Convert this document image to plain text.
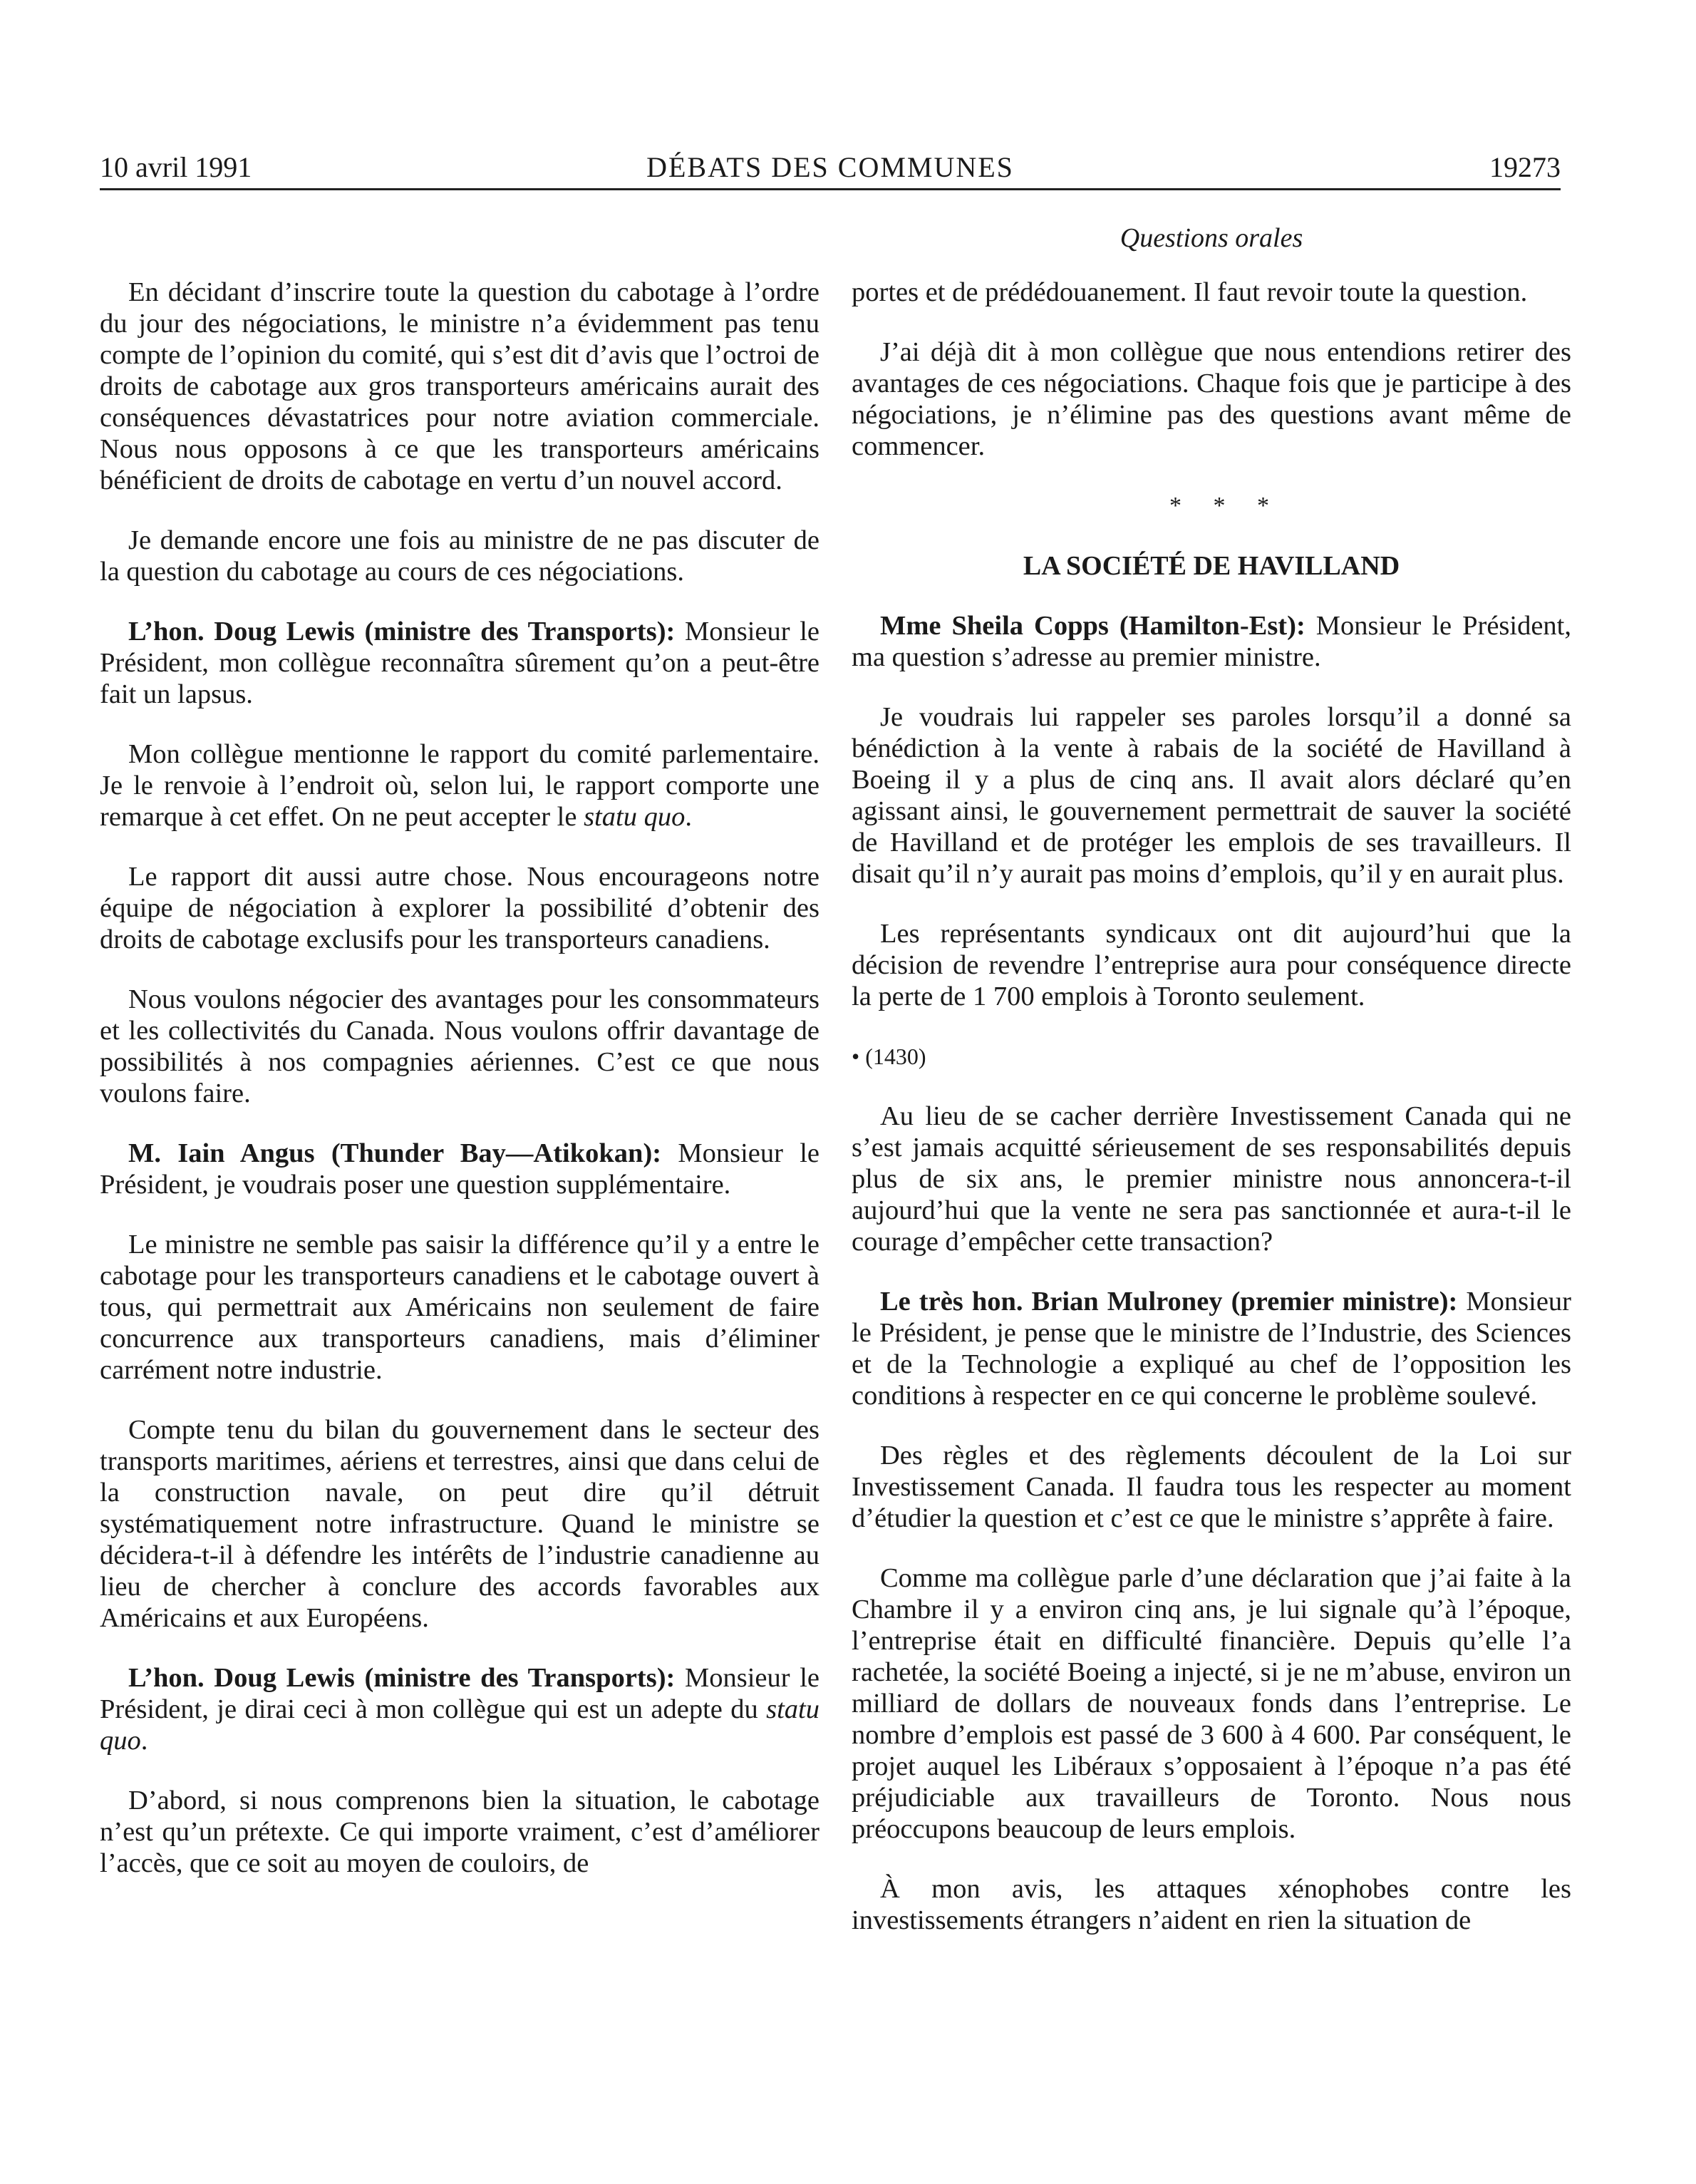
10 avril 1991	DÉBATS DES COMMUNES	19273
Questions orales

En décidant d’inscrire toute la question du cabotage à l’ordre du jour des négociations, le ministre n’a évidemment pas tenu compte de l’opinion du comité, qui s’est dit d’avis que l’octroi de droits de cabotage aux gros transporteurs américains aurait des conséquences dévastatrices pour notre aviation commerciale. Nous nous opposons à ce que les transporteurs américains bénéficient de droits de cabotage en vertu d’un nouvel accord.

Je demande encore une fois au ministre de ne pas discuter de la question du cabotage au cours de ces négociations.

L’hon. Doug Lewis (ministre des Transports): Monsieur le Président, mon collègue reconnaîtra sûrement qu’on a peut-être fait un lapsus.

Mon collègue mentionne le rapport du comité parlementaire. Je le renvoie à l’endroit où, selon lui, le rapport comporte une remarque à cet effet. On ne peut accepter le statu quo.

Le rapport dit aussi autre chose. Nous encourageons notre équipe de négociation à explorer la possibilité d’obtenir des droits de cabotage exclusifs pour les transporteurs canadiens.

Nous voulons négocier des avantages pour les consommateurs et les collectivités du Canada. Nous voulons offrir davantage de possibilités à nos compagnies aériennes. C’est ce que nous voulons faire.

M. Iain Angus (Thunder Bay—Atikokan): Monsieur le Président, je voudrais poser une question supplémentaire.

Le ministre ne semble pas saisir la différence qu’il y a entre le cabotage pour les transporteurs canadiens et le cabotage ouvert à tous, qui permettrait aux Américains non seulement de faire concurrence aux transporteurs canadiens, mais d’éliminer carrément notre industrie.

Compte tenu du bilan du gouvernement dans le secteur des transports maritimes, aériens et terrestres, ainsi que dans celui de la construction navale, on peut dire qu’il détruit systématiquement notre infrastructure. Quand le ministre se décidera-t-il à défendre les intérêts de l’industrie canadienne au lieu de chercher à conclure des accords favorables aux Américains et aux Européens.

L’hon. Doug Lewis (ministre des Transports): Monsieur le Président, je dirai ceci à mon collègue qui est un adepte du statu quo.

D’abord, si nous comprenons bien la situation, le cabotage n’est qu’un prétexte. Ce qui importe vraiment, c’est d’améliorer l’accès, que ce soit au moyen de couloirs, de

portes et de prédédouanement. Il faut revoir toute la question.

J’ai déjà dit à mon collègue que nous entendions retirer des avantages de ces négociations. Chaque fois que je participe à des négociations, je n’élimine pas des questions avant même de commencer.

* * *

LA SOCIÉTÉ DE HAVILLAND

Mme Sheila Copps (Hamilton-Est): Monsieur le Président, ma question s’adresse au premier ministre.

Je voudrais lui rappeler ses paroles lorsqu’il a donné sa bénédiction à la vente à rabais de la société de Havilland à Boeing il y a plus de cinq ans. Il avait alors déclaré qu’en agissant ainsi, le gouvernement permettrait de sauver la société de Havilland et de protéger les emplois de ses travailleurs. Il disait qu’il n’y aurait pas moins d’emplois, qu’il y en aurait plus.

Les représentants syndicaux ont dit aujourd’hui que la décision de revendre l’entreprise aura pour conséquence directe la perte de 1 700 emplois à Toronto seulement.

• (1430)

Au lieu de se cacher derrière Investissement Canada qui ne s’est jamais acquitté sérieusement de ses responsabilités depuis plus de six ans, le premier ministre nous annoncera-t-il aujourd’hui que la vente ne sera pas sanctionnée et aura-t-il le courage d’empêcher cette transaction?

Le très hon. Brian Mulroney (premier ministre): Monsieur le Président, je pense que le ministre de l’Industrie, des Sciences et de la Technologie a expliqué au chef de l’opposition les conditions à respecter en ce qui concerne le problème soulevé.

Des règles et des règlements découlent de la Loi sur Investissement Canada. Il faudra tous les respecter au moment d’étudier la question et c’est ce que le ministre s’apprête à faire.

Comme ma collègue parle d’une déclaration que j’ai faite à la Chambre il y a environ cinq ans, je lui signale qu’à l’époque, l’entreprise était en difficulté financière. Depuis qu’elle l’a rachetée, la société Boeing a injecté, si je ne m’abuse, environ un milliard de dollars de nouveaux fonds dans l’entreprise. Le nombre d’emplois est passé de 3 600 à 4 600. Par conséquent, le projet auquel les Libéraux s’opposaient à l’époque n’a pas été préjudiciable aux travailleurs de Toronto. Nous nous préoccupons beaucoup de leurs emplois.

À mon avis, les attaques xénophobes contre les investissements étrangers n’aident en rien la situation de
